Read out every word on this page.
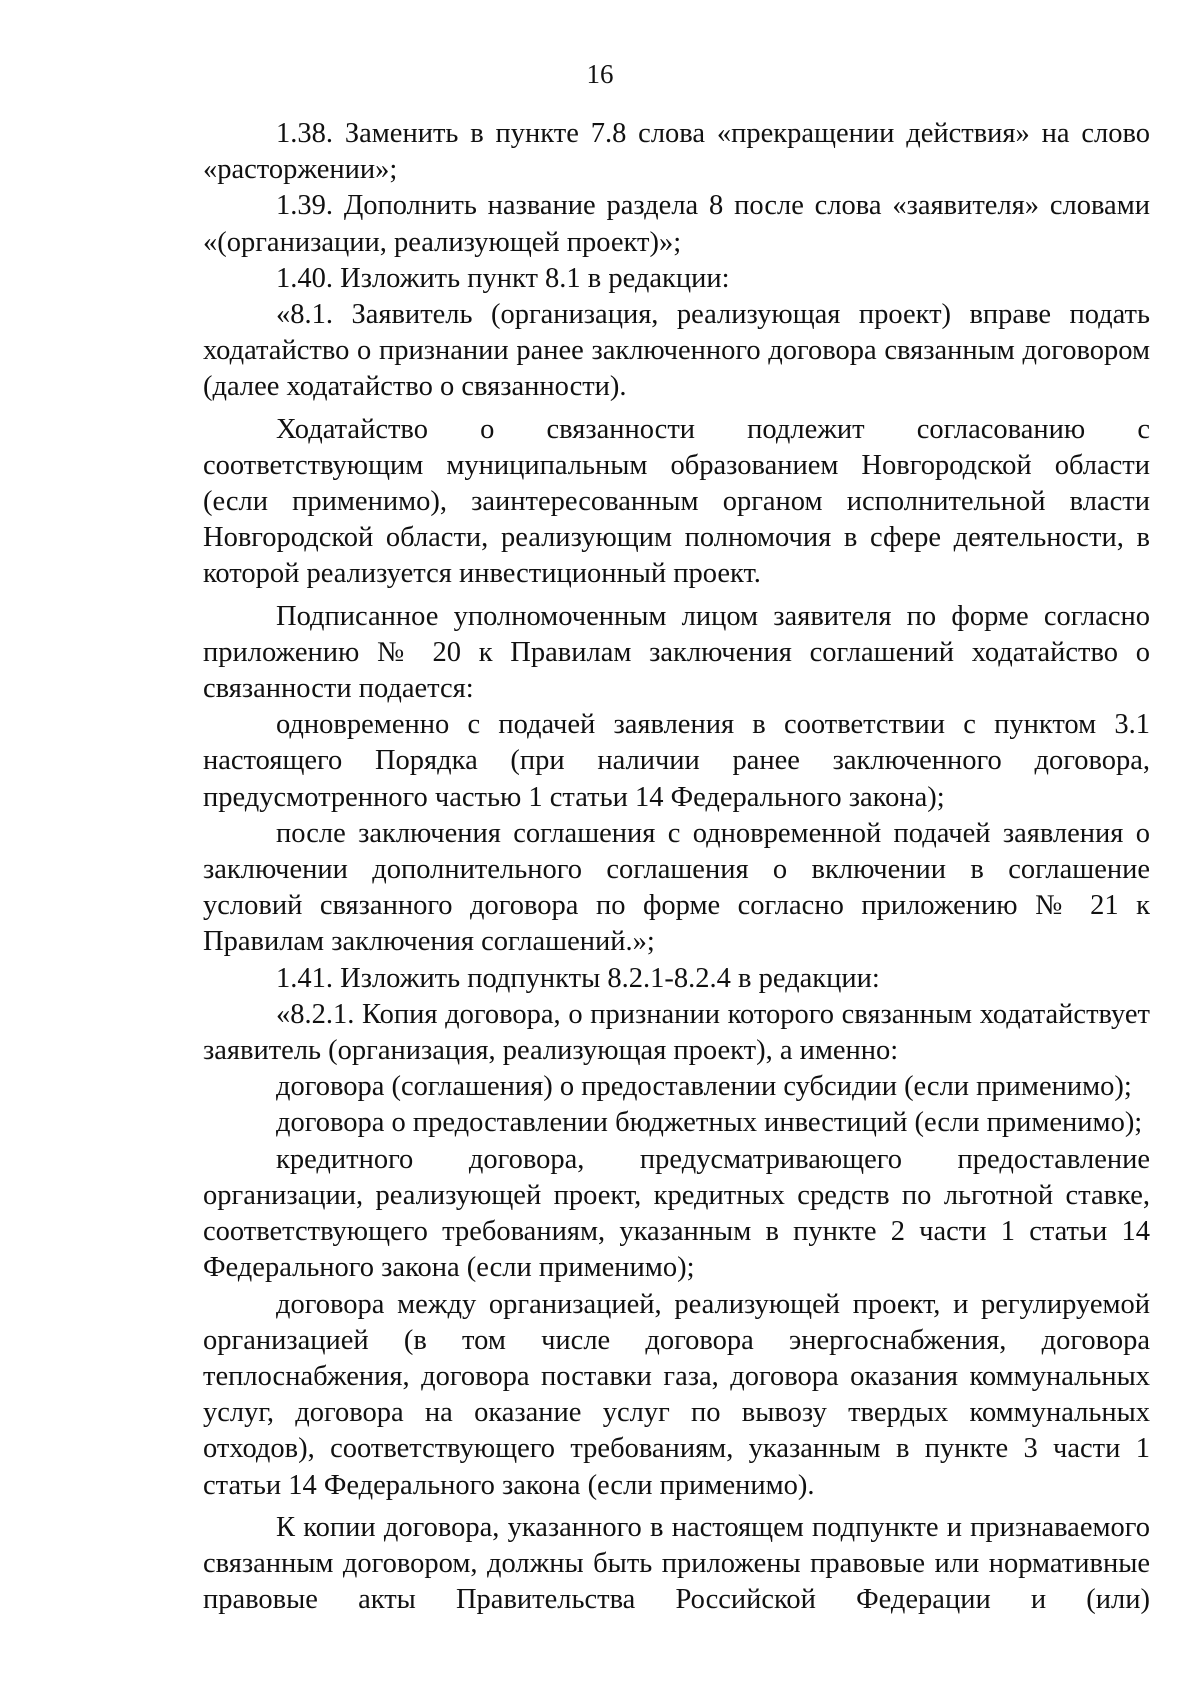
16

1.38. Заменить в пункте 7.8 слова «прекращении действия» на слово «расторжении»;

1.39. Дополнить название раздела 8 после слова «заявителя» словами «(организации, реализующей проект)»;

1.40. Изложить пункт 8.1 в редакции:

«8.1. Заявитель (организация, реализующая проект) вправе подать ходатайство о признании ранее заключенного договора связанным договором (далее ходатайство о связанности).

Ходатайство о связанности подлежит согласованию с соответствующим муниципальным образованием Новгородской области (если применимо), заинтересованным органом исполнительной власти Новгородской области, реализующим полномочия в сфере деятельности, в которой реализуется инвестиционный проект.

Подписанное уполномоченным лицом заявителя по форме согласно приложению № 20 к Правилам заключения соглашений ходатайство о связанности подается:

одновременно с подачей заявления в соответствии с пунктом 3.1 настоящего Порядка (при наличии ранее заключенного договора, предусмотренного частью 1 статьи 14 Федерального закона);

после заключения соглашения с одновременной подачей заявления о заключении дополнительного соглашения о включении в соглашение условий связанного договора по форме согласно приложению № 21 к Правилам заключения соглашений.»;

1.41. Изложить подпункты 8.2.1-8.2.4 в редакции:

«8.2.1. Копия договора, о признании которого связанным ходатайствует заявитель (организация, реализующая проект), а именно:

договора (соглашения) о предоставлении субсидии (если применимо);

договора о предоставлении бюджетных инвестиций (если применимо);

кредитного договора, предусматривающего предоставление организации, реализующей проект, кредитных средств по льготной ставке, соответствующего требованиям, указанным в пункте 2 части 1 статьи 14 Федерального закона (если применимо);

договора между организацией, реализующей проект, и регулируемой организацией (в том числе договора энергоснабжения, договора теплоснабжения, договора поставки газа, договора оказания коммунальных услуг, договора на оказание услуг по вывозу твердых коммунальных отходов), соответствующего требованиям, указанным в пункте 3 части 1 статьи 14 Федерального закона (если применимо).

К копии договора, указанного в настоящем подпункте и признаваемого связанным договором, должны быть приложены правовые или нормативные правовые акты Правительства Российской Федерации и (или)
